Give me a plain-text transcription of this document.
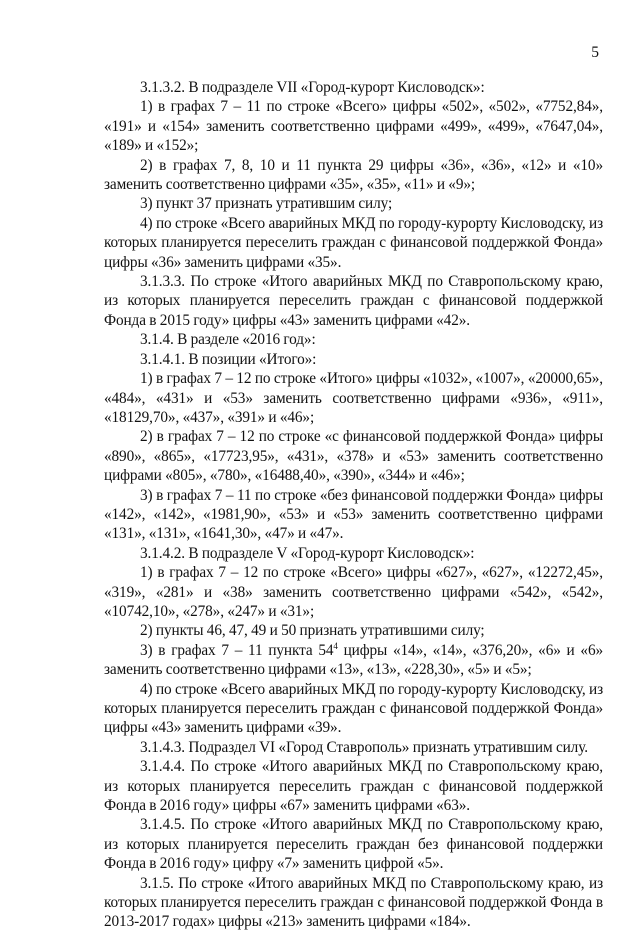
5

3.1.3.2. В подразделе VII «Город-курорт Кисловодск»:

1) в графах 7 – 11 по строке «Всего» цифры «502», «502», «7752,84», «191» и «154» заменить соответственно цифрами «499», «499», «7647,04», «189» и «152»;

2) в графах 7, 8, 10 и 11 пункта 29 цифры «36», «36», «12» и «10» заменить соответственно цифрами «35», «35», «11» и «9»;

3) пункт 37 признать утратившим силу;

4) по строке «Всего аварийных МКД по городу-курорту Кисловодску, из которых планируется переселить граждан с финансовой поддержкой Фонда» цифры «36» заменить цифрами «35».

3.1.3.3. По строке «Итого аварийных МКД по Ставропольскому краю, из которых планируется переселить граждан с финансовой поддержкой Фонда в 2015 году» цифры «43» заменить цифрами «42».

3.1.4. В разделе «2016 год»:

3.1.4.1. В позиции «Итого»:

1) в графах 7 – 12 по строке «Итого» цифры «1032», «1007», «20000,65», «484», «431» и «53» заменить соответственно цифрами «936», «911», «18129,70», «437», «391» и «46»;

2) в графах 7 – 12 по строке «с финансовой поддержкой Фонда» цифры «890», «865», «17723,95», «431», «378» и «53» заменить соответственно цифрами «805», «780», «16488,40», «390», «344» и «46»;

3) в графах 7 – 11 по строке «без финансовой поддержки Фонда» цифры «142», «142», «1981,90», «53» и «53» заменить соответственно цифрами «131», «131», «1641,30», «47» и «47».

3.1.4.2. В подразделе V «Город-курорт Кисловодск»:

1) в графах 7 – 12 по строке «Всего» цифры «627», «627», «12272,45», «319», «281» и «38» заменить соответственно цифрами «542», «542», «10742,10», «278», «247» и «31»;

2) пункты 46, 47, 49 и 50 признать утратившими силу;

3) в графах 7 – 11 пункта $54^4$ цифры «14», «14», «376,20», «6» и «6» заменить соответственно цифрами «13», «13», «228,30», «5» и «5»;

4) по строке «Всего аварийных МКД по городу-курорту Кисловодску, из которых планируется переселить граждан с финансовой поддержкой Фонда» цифры «43» заменить цифрами «39».

3.1.4.3. Подраздел VI «Город Ставрополь» признать утратившим силу.

3.1.4.4. По строке «Итого аварийных МКД по Ставропольскому краю, из которых планируется переселить граждан с финансовой поддержкой Фонда в 2016 году» цифры «67» заменить цифрами «63».

3.1.4.5. По строке «Итого аварийных МКД по Ставропольскому краю, из которых планируется переселить граждан без финансовой поддержки Фонда в 2016 году» цифру «7» заменить цифрой «5».

3.1.5. По строке «Итого аварийных МКД по Ставропольскому краю, из которых планируется переселить граждан с финансовой поддержкой Фонда в 2013-2017 годах» цифры «213» заменить цифрами «184».
